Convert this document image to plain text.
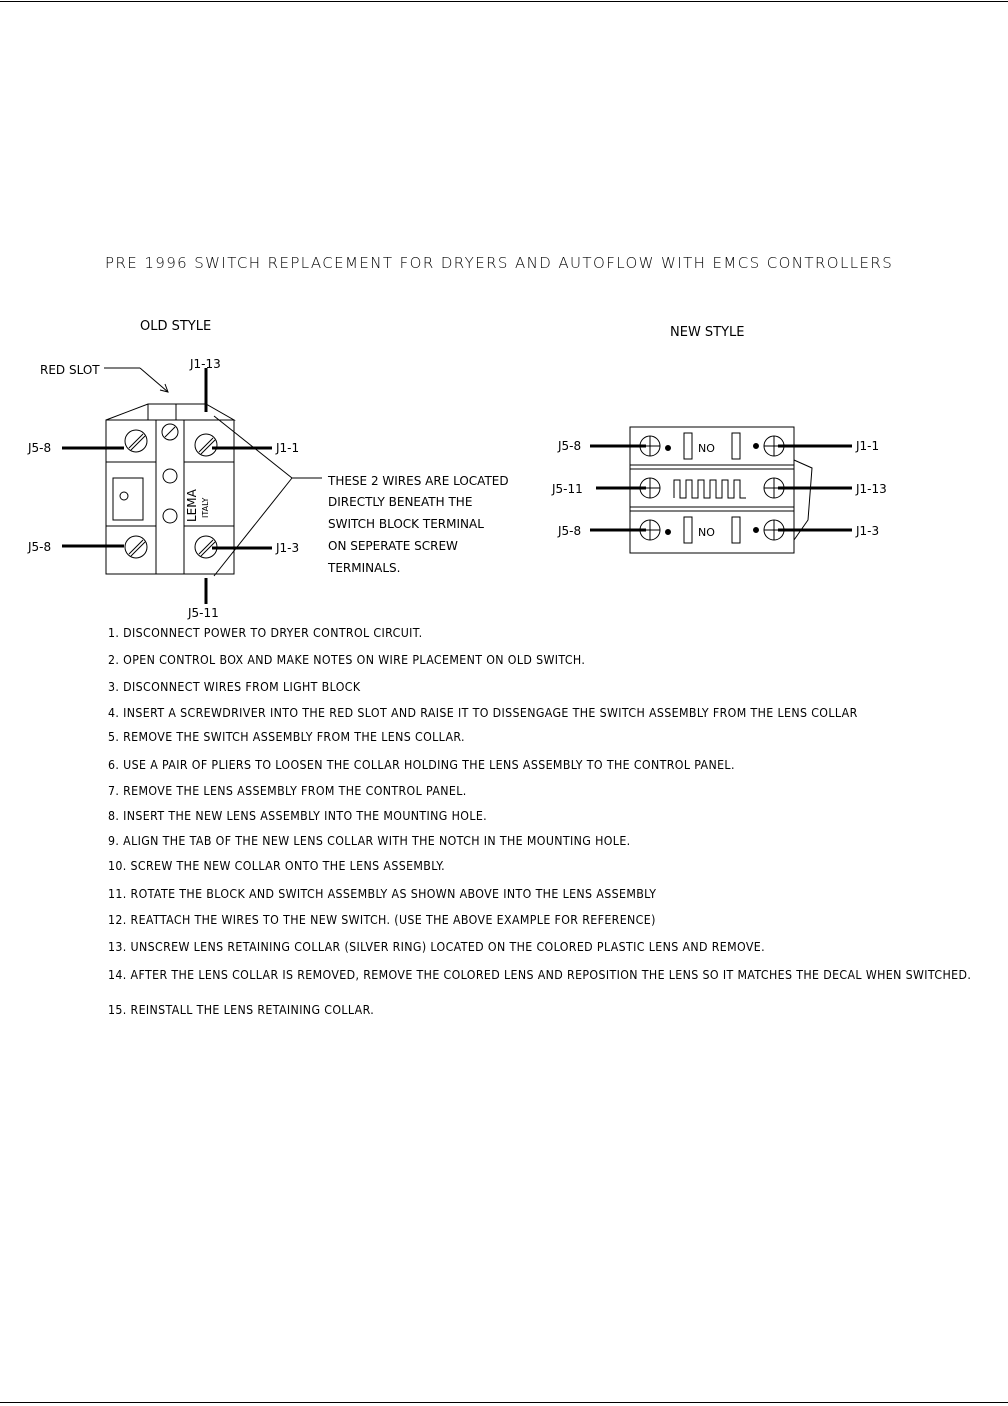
PRE 1996 SWITCH REPLACEMENT FOR DRYERS AND AUTOFLOW WITH EMCS CONTROLLERS
OLD STYLE
RED SLOT
LEMA ITALY
J1-13
J5-11
J5-8
J5-8
J1-1
J1-3
THESE 2 WIRES ARE LOCATED
DIRECTLY BENEATH THE
SWITCH BLOCK TERMINAL
ON SEPERATE SCREW
TERMINALS.
NEW STYLE
NO
NO
J5-8
J5-11
J5-8
J1-1
J1-13
J1-3
1. DISCONNECT POWER TO DRYER CONTROL CIRCUIT.
2. OPEN CONTROL BOX AND MAKE NOTES ON WIRE PLACEMENT ON OLD SWITCH.
3. DISCONNECT WIRES FROM LIGHT BLOCK
4. INSERT A SCREWDRIVER INTO THE RED SLOT AND RAISE IT TO DISSENGAGE THE SWITCH ASSEMBLY FROM THE LENS COLLAR
5. REMOVE THE SWITCH ASSEMBLY FROM THE LENS COLLAR.
6. USE A PAIR OF PLIERS TO LOOSEN THE COLLAR HOLDING THE LENS ASSEMBLY TO THE CONTROL PANEL.
7. REMOVE THE LENS ASSEMBLY FROM THE CONTROL PANEL.
8. INSERT THE NEW LENS ASSEMBLY INTO THE MOUNTING HOLE.
9. ALIGN THE TAB OF THE NEW LENS COLLAR WITH THE NOTCH IN THE MOUNTING HOLE.
10. SCREW THE NEW COLLAR ONTO THE LENS ASSEMBLY.
11. ROTATE THE BLOCK AND SWITCH ASSEMBLY AS SHOWN ABOVE INTO THE LENS ASSEMBLY
12. REATTACH THE WIRES TO THE NEW SWITCH. (USE THE ABOVE EXAMPLE FOR REFERENCE)
13. UNSCREW LENS RETAINING COLLAR (SILVER RING) LOCATED ON THE COLORED PLASTIC LENS AND REMOVE.
14. AFTER THE LENS COLLAR IS REMOVED, REMOVE THE COLORED LENS AND REPOSITION THE LENS SO IT MATCHES THE DECAL WHEN SWITCHED.
15. REINSTALL THE LENS RETAINING COLLAR.
